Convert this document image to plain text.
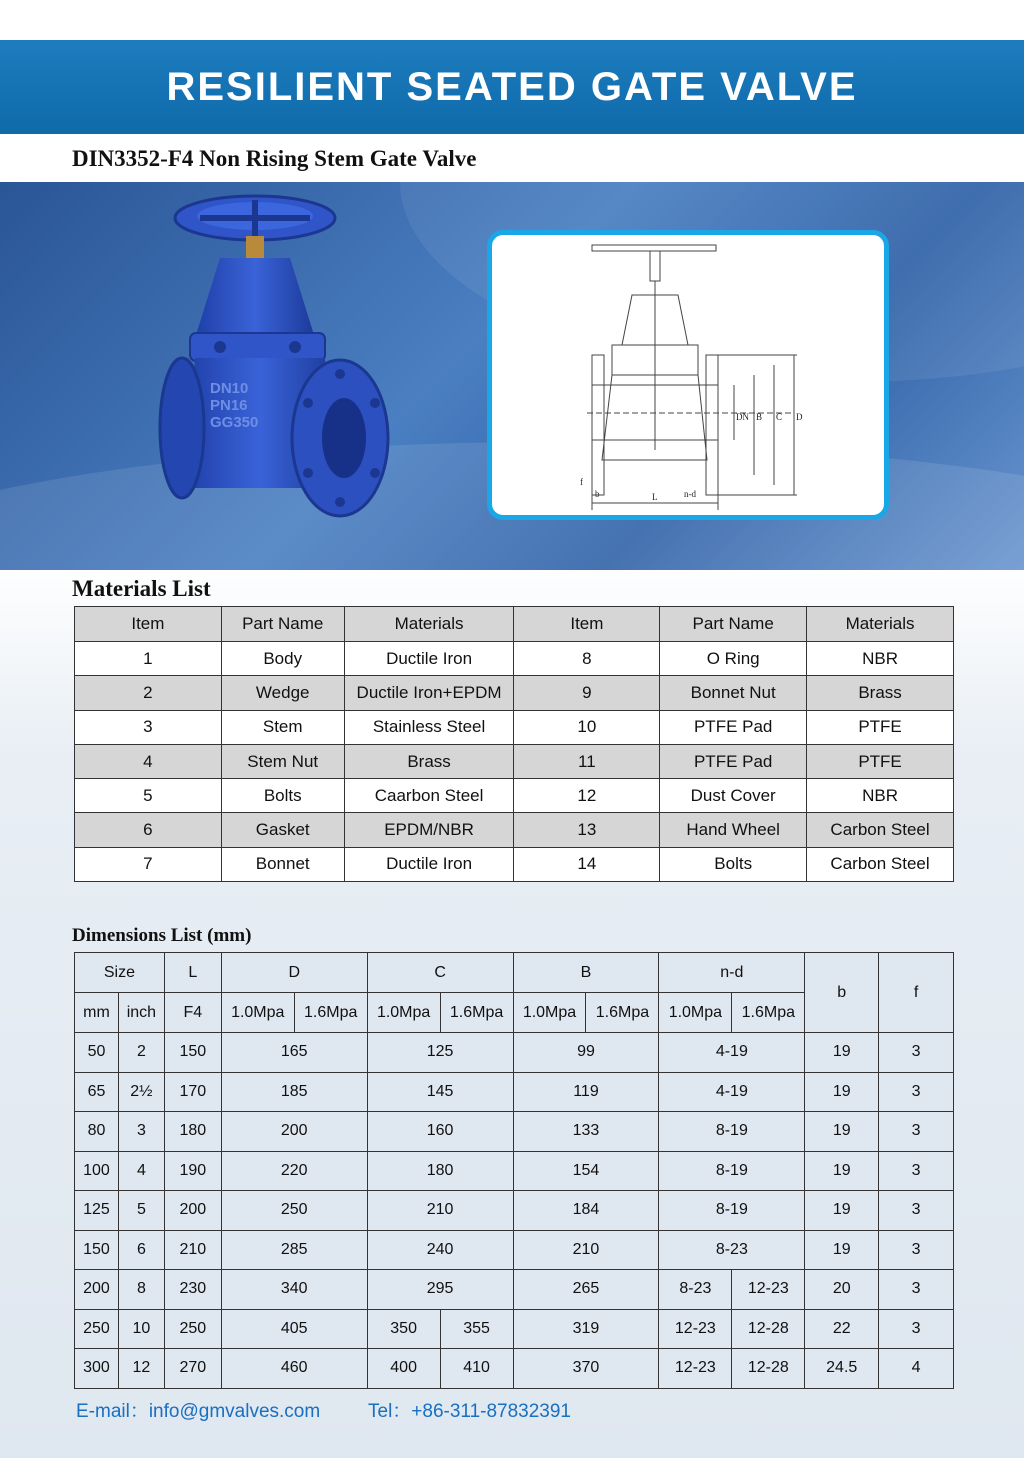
RESILIENT SEATED GATE VALVE
DIN3352-F4 Non Rising Stem Gate Valve
DN10
PN16
GG350
f
b	L	n-d
DN B C D
Materials List
Item	Part Name	Materials	Item	Part Name	Materials
1	Body	Ductile Iron	8	O Ring	NBR
2	Wedge	Ductile Iron+EPDM	9	Bonnet Nut	Brass
3	Stem	Stainless Steel	10	PTFE Pad	PTFE
4	Stem Nut	Brass	11	PTFE Pad	PTFE
5	Bolts	Caarbon Steel	12	Dust Cover	NBR
6	Gasket	EPDM/NBR	13	Hand Wheel	Carbon Steel
7	Bonnet	Ductile Iron	14	Bolts	Carbon Steel
Dimensions List (mm)
Size		L	D		C		B		n-d		b	f
mm	inch	F4	1.0Mpa	1.6Mpa	1.0Mpa	1.6Mpa	1.0Mpa	1.6Mpa	1.0Mpa	1.6Mpa		
50	2	150	165		125		99		4-19		19	3
65	2½	170	185		145		119		4-19		19	3
80	3	180	200		160		133		8-19		19	3
100	4	190	220		180		154		8-19		19	3
125	5	200	250		210		184		8-19		19	3
150	6	210	285		240		210		8-23		19	3
200	8	230	340		295		265		8-23	12-23	20	3
250	10	250	405		350	355	319		12-23	12-28	22	3
300	12	270	460		400	410	370		12-23	12-28	24.5	4
E-mail：info@gmvalves.com	Tel：+86-311-87832391
